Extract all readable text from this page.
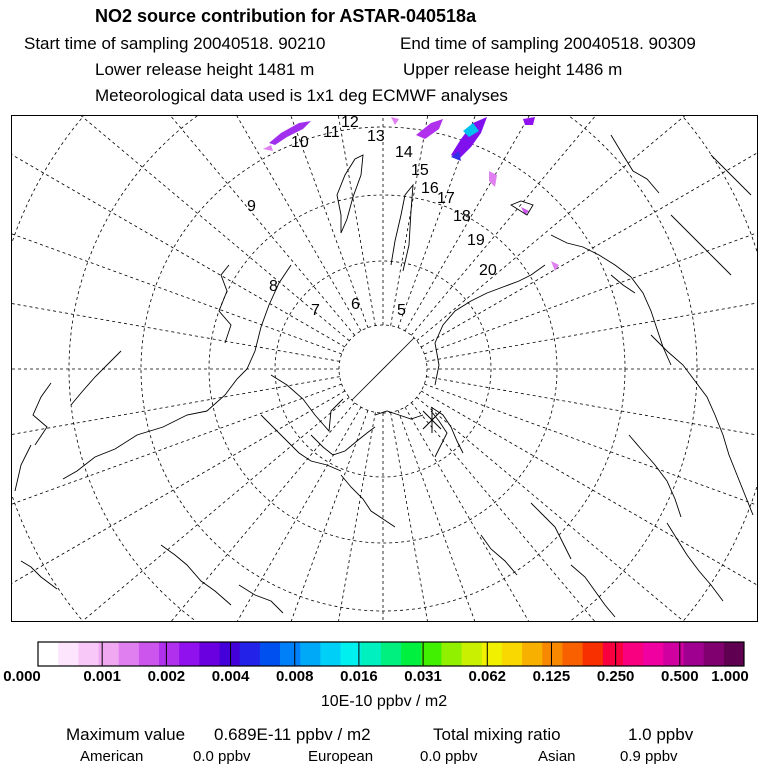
NO2 source contribution for ASTAR-040518a
Start time of sampling 20040518. 90210	End time of sampling 20040518. 90309
Lower release height 1481 m	Upper release height 1486 m
Meteorological data used is 1x1 deg ECMWF analyses
5
6
7
8
9
10
11
12
13
14
15
16
17
18
19
20
0.000	0.001 0.002 0.004 0.008 0.016 0.031 0.062 0.125 0.250 0.500 1.000
10E-10 ppbv / m2
Maximum value 0.689E-11 ppbv / m2	Total mixing ratio	1.0 ppbv
American	0.0 ppbv	European	0.0 ppbv	Asian	0.9 ppbv
